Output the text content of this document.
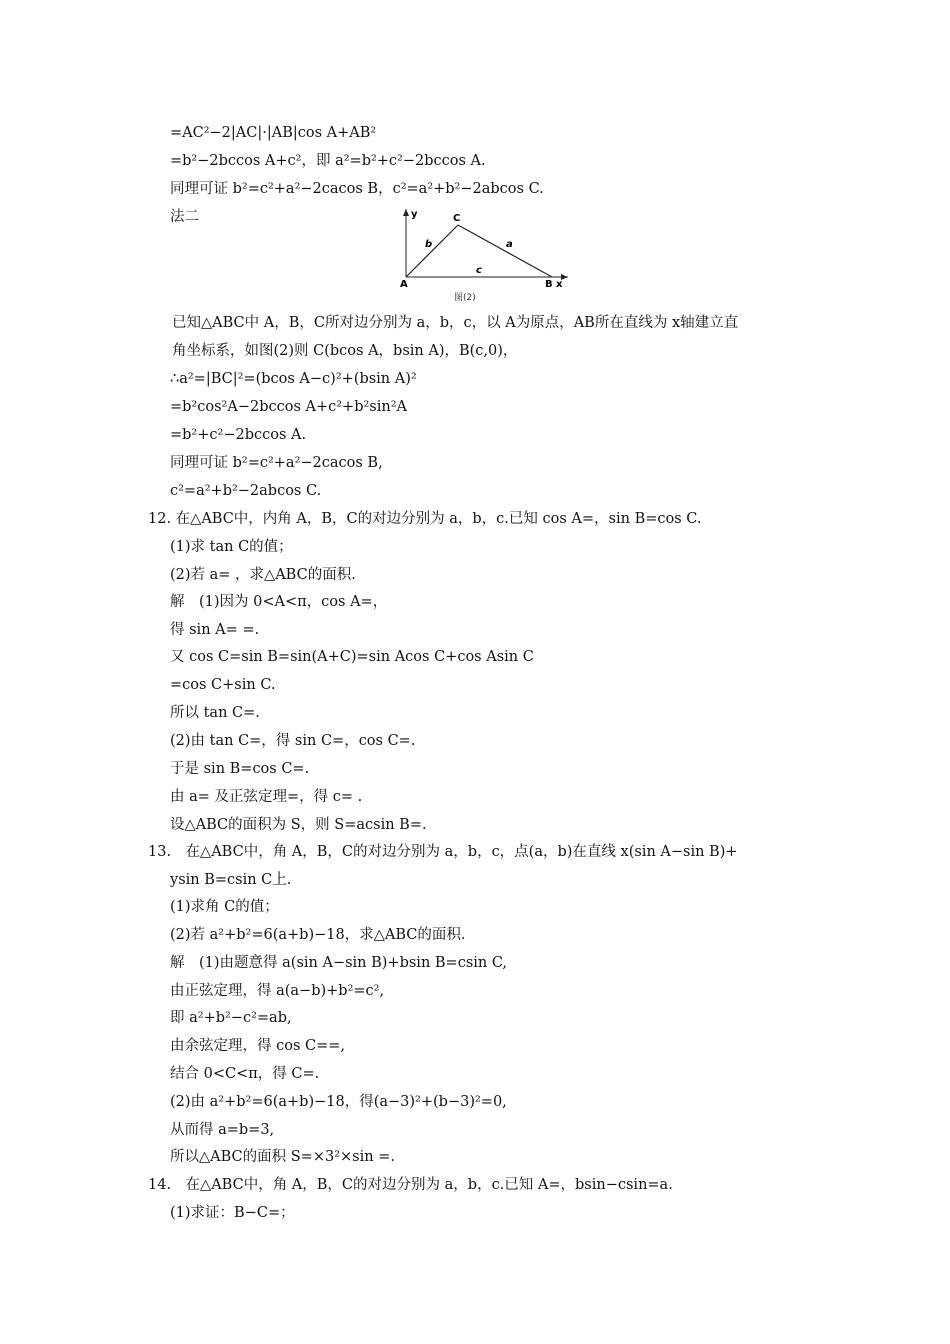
=AC²−2|AC|·|AB|cos A+AB²
=b²−2bccos A+c²，即 a²=b²+c²−2bccos A.
同理可证 b²=c²+a²−2cacos B，c²=a²+b²−2abcos C.
法二	y
x
A	B
C
a
b
c
图(2)
已知△ABC中 A，B，C所对边分别为 a，b，c，以 A为原点，AB所在直线为 x轴建立直
角坐标系，如图(2)则 C(bcos A，bsin A)，B(c,0)，
∴a²=|BC|²=(bcos A−c)²+(bsin A)²
=b²cos²A−2bccos A+c²+b²sin²A
=b²+c²−2bccos A.
同理可证 b²=c²+a²−2cacos B,
c²=a²+b²−2abcos C.
12. 在△ABC中，内角 A，B，C的对边分别为 a，b，c.已知 cos A=，sin B=cos C.
(1)求 tan C的值；
(2)若 a= ，求△ABC的面积.
解　(1)因为 0<A<π，cos A=，
得 sin A= =.
又 cos C=sin B=sin(A+C)=sin Acos C+cos Asin C
=cos C+sin C.
所以 tan C=.
(2)由 tan C=，得 sin C=，cos C=.
于是 sin B=cos C=.
由 a= 及正弦定理=，得 c= .
设△ABC的面积为 S，则 S=acsin B=.
13.　在△ABC中，角 A，B，C的对边分别为 a，b，c，点(a，b)在直线 x(sin A−sin B)+
ysin B=csin C上.
(1)求角 C的值；
(2)若 a²+b²=6(a+b)−18，求△ABC的面积.
解　(1)由题意得 a(sin A−sin B)+bsin B=csin C,
由正弦定理，得 a(a−b)+b²=c²,
即 a²+b²−c²=ab,
由余弦定理，得 cos C==,
结合 0<C<π，得 C=.
(2)由 a²+b²=6(a+b)−18，得(a−3)²+(b−3)²=0,
从而得 a=b=3,
所以△ABC的面积 S=×3²×sin =.
14.　在△ABC中，角 A，B，C的对边分别为 a，b，c.已知 A=，bsin−csin=a.
(1)求证：B−C=；
